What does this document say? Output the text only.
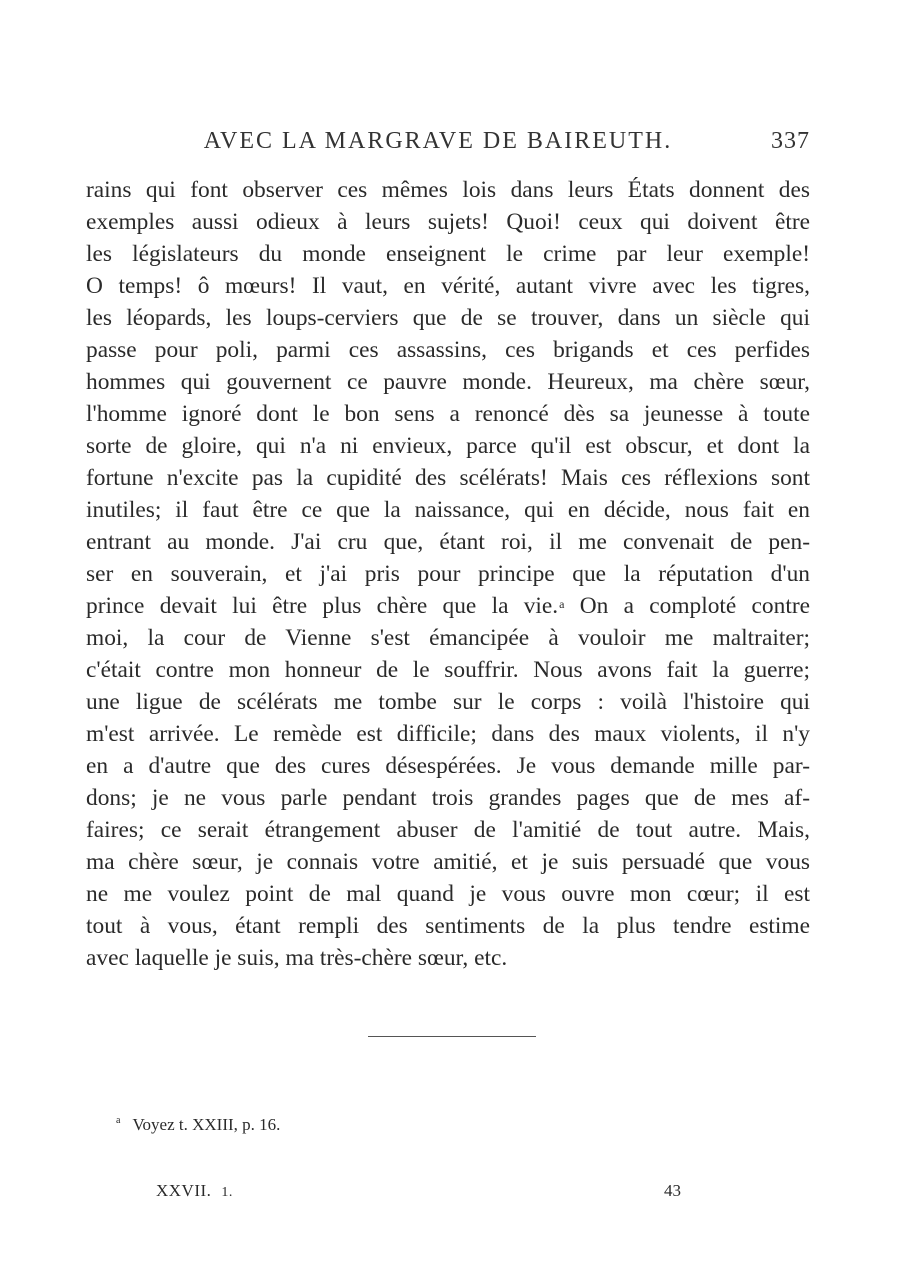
AVEC LA MARGRAVE DE BAIREUTH.	337
rains qui font observer ces mêmes lois dans leurs États donnent des
exemples aussi odieux à leurs sujets! Quoi! ceux qui doivent être
les législateurs du monde enseignent le crime par leur exemple!
O temps! ô mœurs! Il vaut, en vérité, autant vivre avec les tigres,
les léopards, les loups-cerviers que de se trouver, dans un siècle qui
passe pour poli, parmi ces assassins, ces brigands et ces perfides
hommes qui gouvernent ce pauvre monde. Heureux, ma chère sœur,
l'homme ignoré dont le bon sens a renoncé dès sa jeunesse à toute
sorte de gloire, qui n'a ni envieux, parce qu'il est obscur, et dont la
fortune n'excite pas la cupidité des scélérats! Mais ces réflexions sont
inutiles; il faut être ce que la naissance, qui en décide, nous fait en
entrant au monde. J'ai cru que, étant roi, il me convenait de pen-
ser en souverain, et j'ai pris pour principe que la réputation d'un
prince devait lui être plus chère que la vie.$^a$ On a comploté contre
moi, la cour de Vienne s'est émancipée à vouloir me maltraiter;
c'était contre mon honneur de le souffrir. Nous avons fait la guerre;
une ligue de scélérats me tombe sur le corps : voilà l'histoire qui
m'est arrivée. Le remède est difficile; dans des maux violents, il n'y
en a d'autre que des cures désespérées. Je vous demande mille par-
dons; je ne vous parle pendant trois grandes pages que de mes af-
faires; ce serait étrangement abuser de l'amitié de tout autre. Mais,
ma chère sœur, je connais votre amitié, et je suis persuadé que vous
ne me voulez point de mal quand je vous ouvre mon cœur; il est
tout à vous, étant rempli des sentiments de la plus tendre estime
avec laquelle je suis, ma très-chère sœur, etc.
$^a$ Voyez t. XXIII, p. 16.
XXVII. 1.	43
